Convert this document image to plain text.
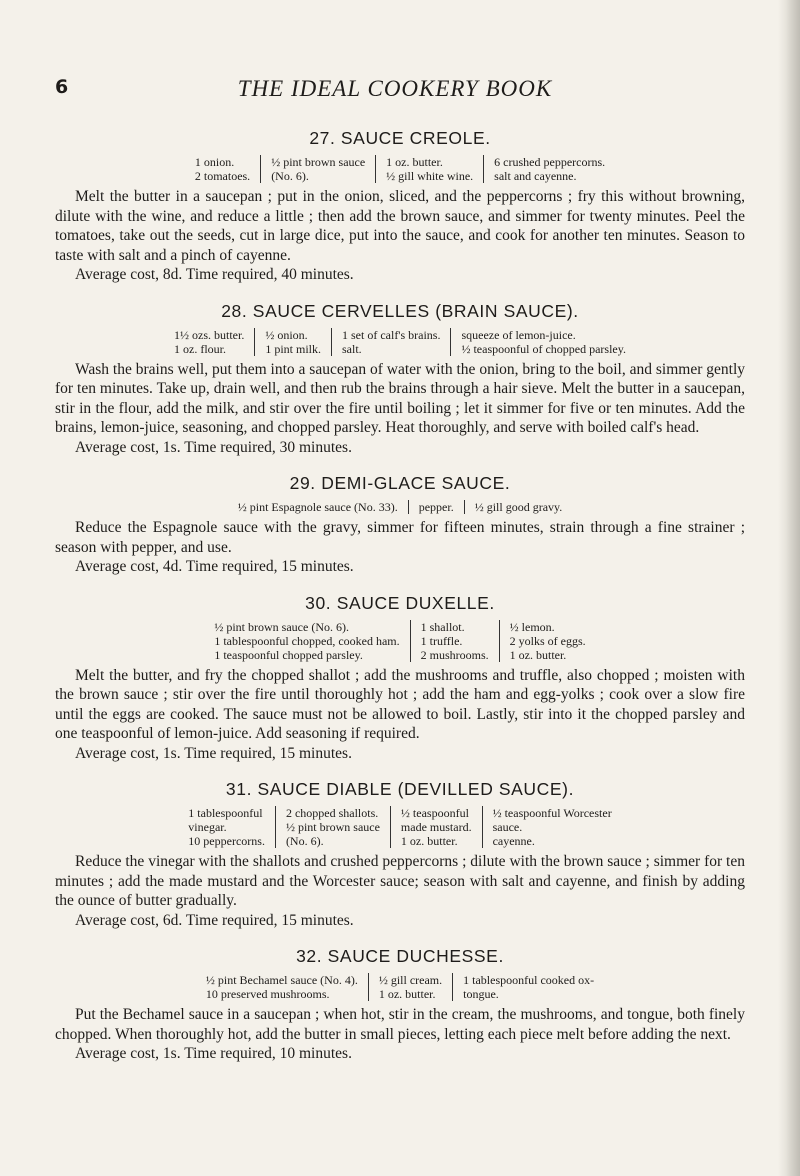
6	THE IDEAL COOKERY BOOK
27. SAUCE CREOLE.
1 onion.
2 tomatoes.
½ pint brown sauce
(No. 6).
1 oz. butter.
½ gill white wine.
6 crushed peppercorns.
salt and cayenne.

Melt the butter in a saucepan ; put in the onion, sliced, and the peppercorns ; fry this without browning, dilute with the wine, and reduce a little ; then add the brown sauce, and simmer for twenty minutes. Peel the tomatoes, take out the seeds, cut in large dice, put into the sauce, and cook for another ten minutes. Season to taste with salt and a pinch of cayenne.

Average cost, 8d. Time required, 40 minutes.

28. SAUCE CERVELLES (BRAIN SAUCE).
1½ ozs. butter.
1 oz. flour.
½ onion.
1 pint milk.
1 set of calf's brains.
salt.
squeeze of lemon-juice.
½ teaspoonful of chopped parsley.

Wash the brains well, put them into a saucepan of water with the onion, bring to the boil, and simmer gently for ten minutes. Take up, drain well, and then rub the brains through a hair sieve. Melt the butter in a saucepan, stir in the flour, add the milk, and stir over the fire until boiling ; let it simmer for five or ten minutes. Add the brains, lemon-juice, seasoning, and chopped parsley. Heat thoroughly, and serve with boiled calf's head.

Average cost, 1s. Time required, 30 minutes.

29. DEMI-GLACE SAUCE.
½ pint Espagnole sauce (No. 33). pepper. ½ gill good gravy.

Reduce the Espagnole sauce with the gravy, simmer for fifteen minutes, strain through a fine strainer ; season with pepper, and use.

Average cost, 4d. Time required, 15 minutes.

30. SAUCE DUXELLE.
½ pint brown sauce (No. 6).
1 tablespoonful chopped, cooked ham.
1 teaspoonful chopped parsley.
1 shallot.
1 truffle.
2 mushrooms.
½ lemon.
2 yolks of eggs.
1 oz. butter.

Melt the butter, and fry the chopped shallot ; add the mushrooms and truffle, also chopped ; moisten with the brown sauce ; stir over the fire until thoroughly hot ; add the ham and egg-yolks ; cook over a slow fire until the eggs are cooked. The sauce must not be allowed to boil. Lastly, stir into it the chopped parsley and one teaspoonful of lemon-juice. Add seasoning if required.

Average cost, 1s. Time required, 15 minutes.

31. SAUCE DIABLE (DEVILLED SAUCE).
1 tablespoonful
vinegar.
10 peppercorns.
2 chopped shallots.
½ pint brown sauce
(No. 6).
½ teaspoonful
made mustard.
1 oz. butter.
½ teaspoonful Worcester
sauce.
cayenne.

Reduce the vinegar with the shallots and crushed peppercorns ; dilute with the brown sauce ; simmer for ten minutes ; add the made mustard and the Worcester sauce; season with salt and cayenne, and finish by adding the ounce of butter gradually.

Average cost, 6d. Time required, 15 minutes.

32. SAUCE DUCHESSE.
½ pint Bechamel sauce (No. 4).
10 preserved mushrooms.
½ gill cream.
1 oz. butter.
1 tablespoonful cooked ox-
tongue.

Put the Bechamel sauce in a saucepan ; when hot, stir in the cream, the mushrooms, and tongue, both finely chopped. When thoroughly hot, add the butter in small pieces, letting each piece melt before adding the next.

Average cost, 1s. Time required, 10 minutes.
